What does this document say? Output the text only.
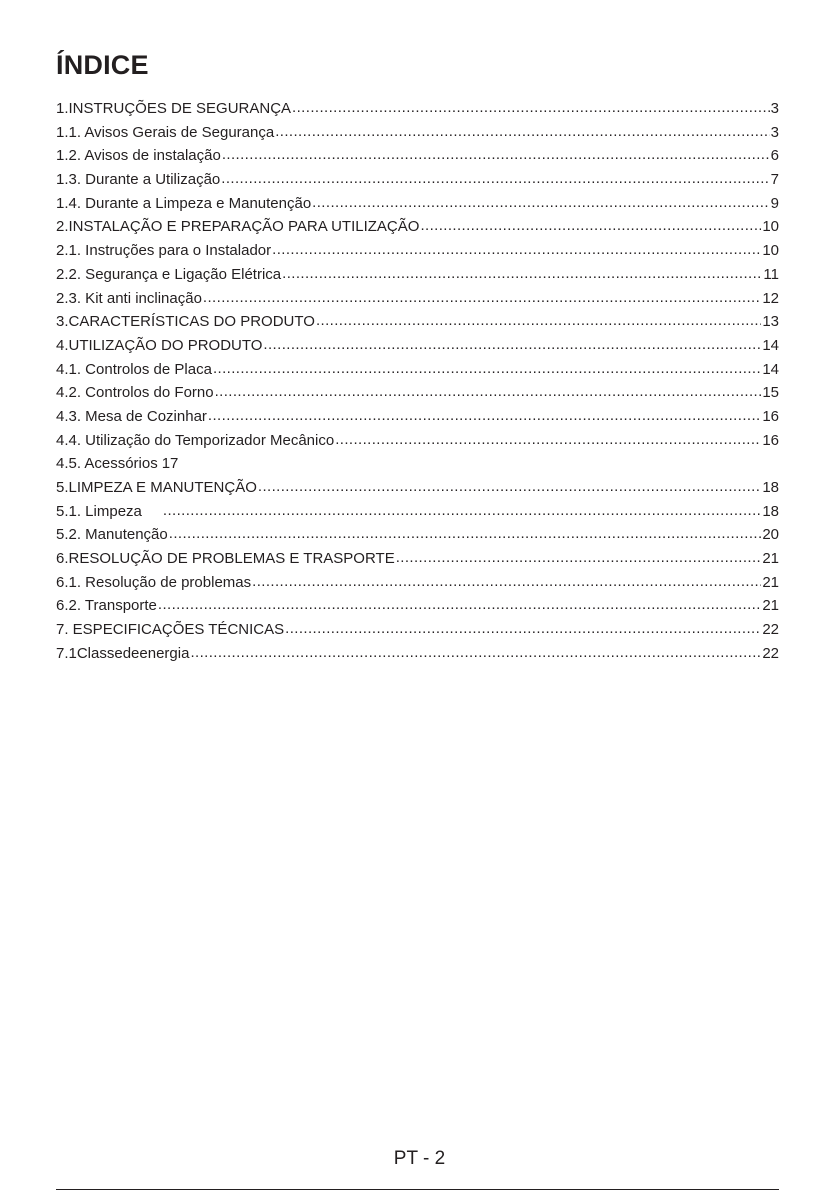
ÍNDICE
1.INSTRUÇÕES DE SEGURANÇA .....	3
1.1. Avisos Gerais de Segurança .....	3
1.2. Avisos de instalação .....	6
1.3. Durante a Utilização .....	7
1.4. Durante a Limpeza e Manutenção .....	9
2.INSTALAÇÃO E PREPARAÇÃO PARA UTILIZAÇÃO .....	10
2.1. Instruções para o Instalador .....	10
2.2. Segurança e Ligação Elétrica .....	11
2.3. Kit anti inclinação .....	12
3.CARACTERÍSTICAS DO PRODUTO .....	13
4.UTILIZAÇÃO DO PRODUTO .....	14
4.1. Controlos de Placa .....	14
4.2. Controlos do Forno .....	15
4.3. Mesa de Cozinhar .....	16
4.4. Utilização do Temporizador Mecânico .....	16
4.5. Acessórios 17
5.LIMPEZA E MANUTENÇÃO .....	18
5.1. Limpeza .....	18
5.2. Manutenção .....	20
6.RESOLUÇÃO DE PROBLEMAS E TRASPORTE .....	21
6.1. Resolução de problemas .....	21
6.2. Transporte .....	21
7. ESPECIFICAÇÕES TÉCNICAS .....	22
7.1Classedeenergia .....	22
PT - 2
